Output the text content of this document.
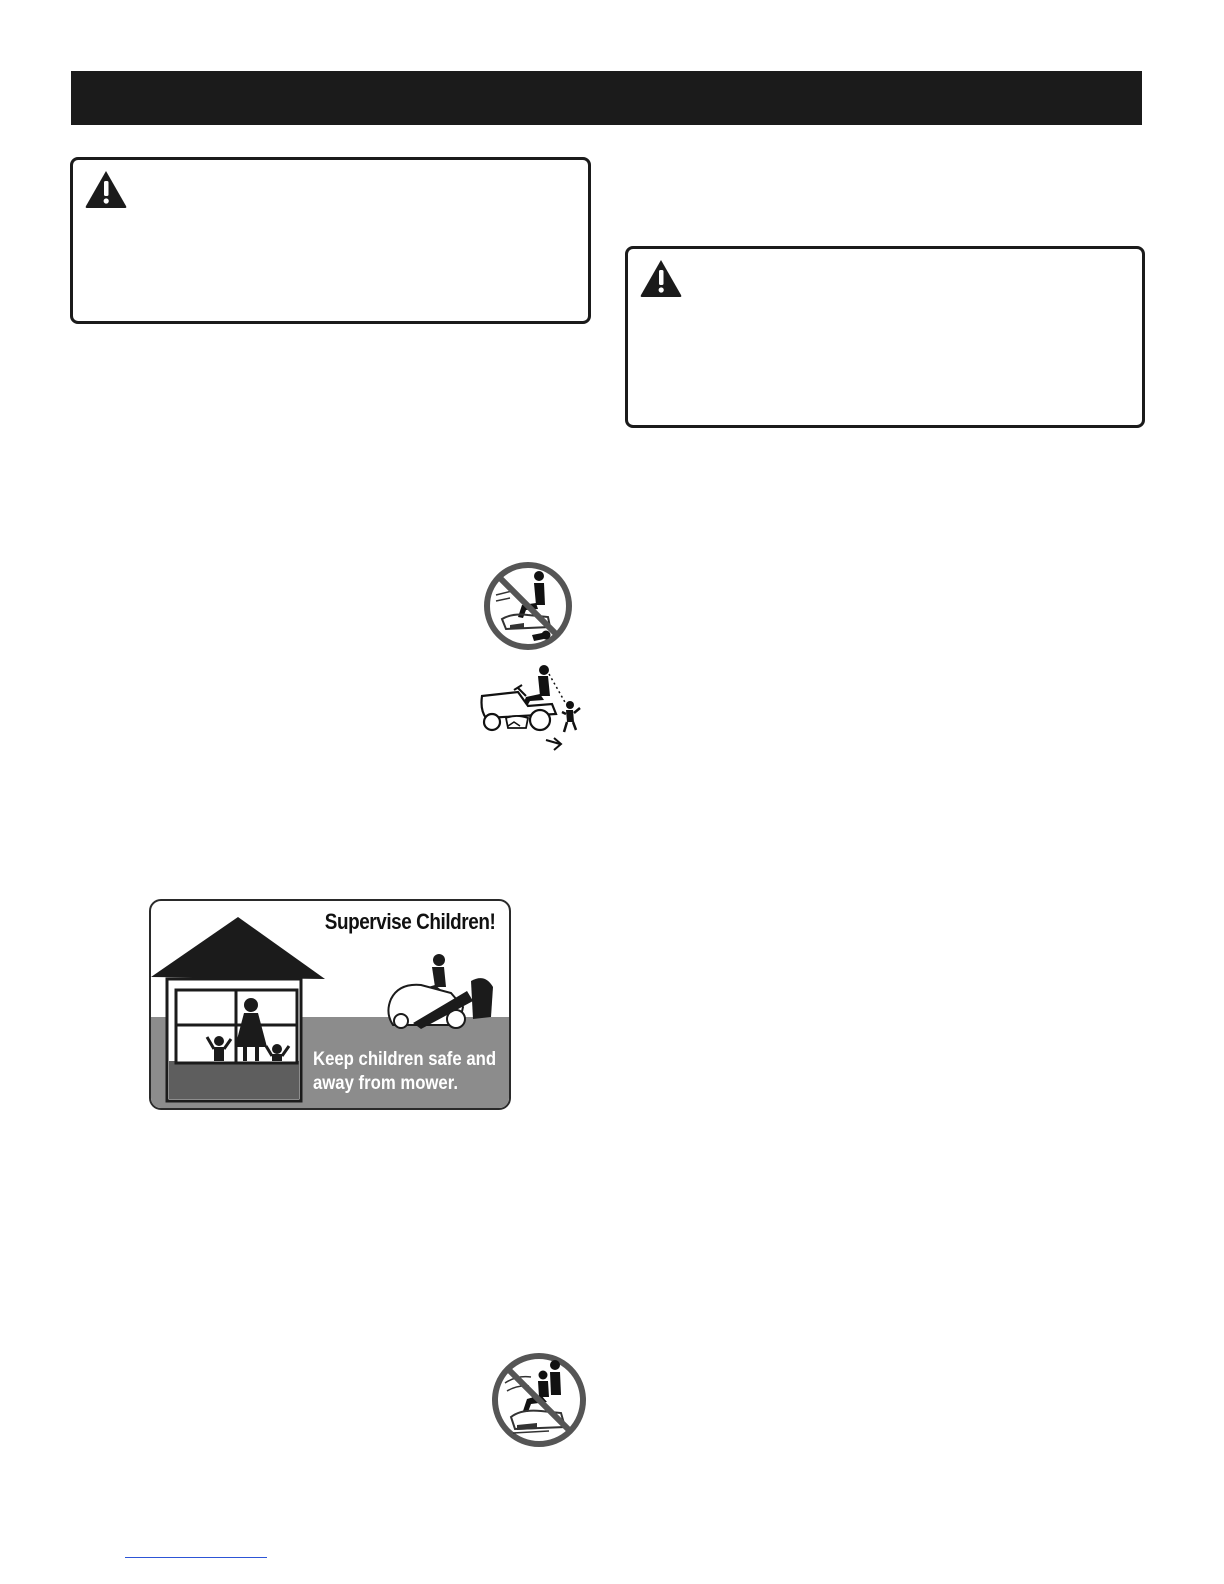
Supervise Children!

Keep children safe and
away from mower.
